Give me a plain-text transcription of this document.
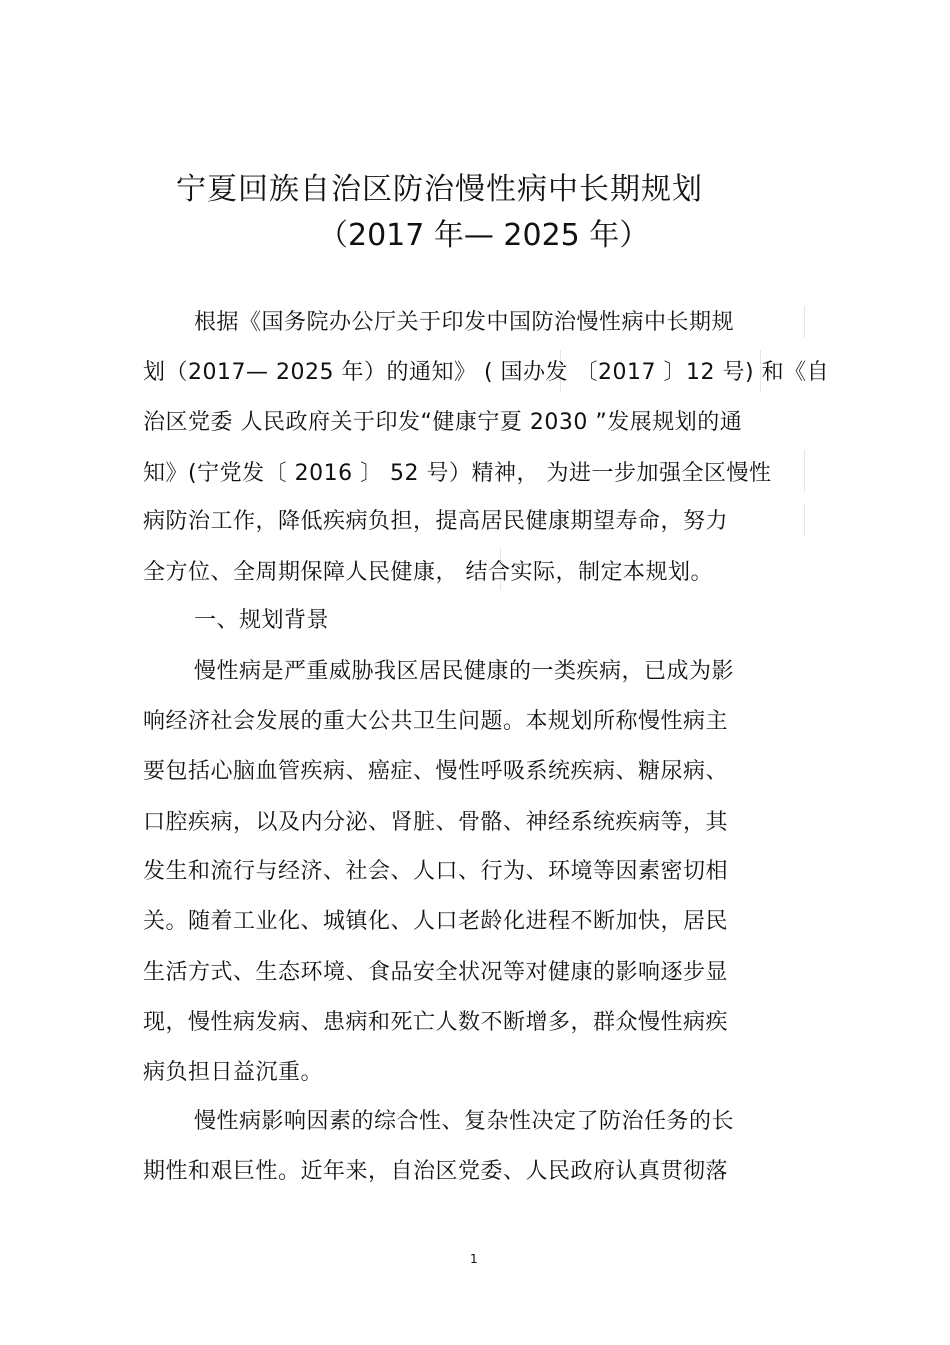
宁夏回族自治区防治慢性病中长期规划
（2017 年— 2025 年）
根据《国务院办公厅关于印发中国防治慢性病中长期规
划（2017— 2025 年）的通知》 ( 国办发 〔2017 〕12 号) 和《自
治区党委 人民政府关于印发“健康宁夏 2030 ”发展规划的通
知》(宁党发〔 2016 〕 52 号）精神， 为进一步加强全区慢性
病防治工作，降低疾病负担，提高居民健康期望寿命，努力
全方位、全周期保障人民健康， 结合实际，制定本规划。
一、规划背景
慢性病是严重威胁我区居民健康的一类疾病，已成为影
响经济社会发展的重大公共卫生问题。本规划所称慢性病主
要包括心脑血管疾病、癌症、慢性呼吸系统疾病、糖尿病、
口腔疾病，以及内分泌、肾脏、骨骼、神经系统疾病等，其
发生和流行与经济、社会、人口、行为、环境等因素密切相
关。随着工业化、城镇化、人口老龄化进程不断加快，居民
生活方式、生态环境、食品安全状况等对健康的影响逐步显
现，慢性病发病、患病和死亡人数不断增多，群众慢性病疾
病负担日益沉重。
慢性病影响因素的综合性、复杂性决定了防治任务的长
期性和艰巨性。近年来，自治区党委、人民政府认真贯彻落
1
